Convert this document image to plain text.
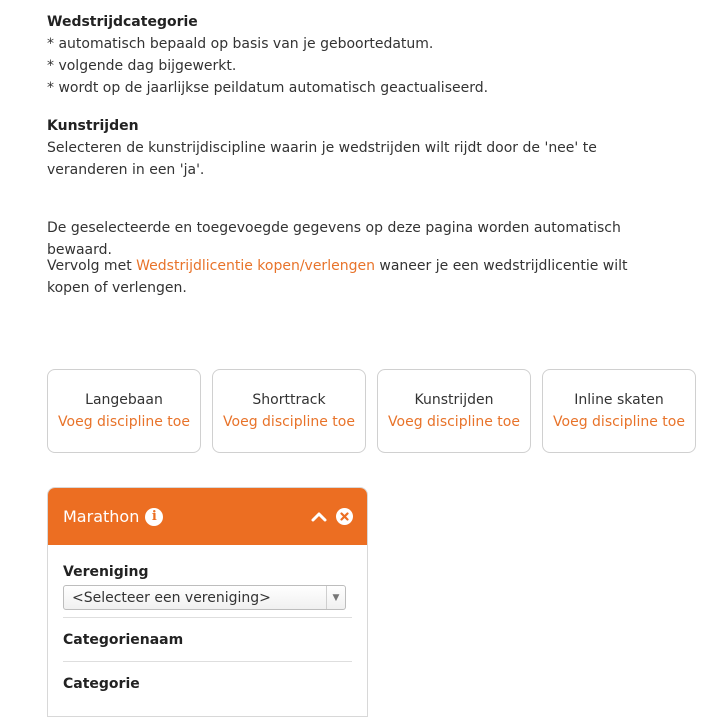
Wedstrijdcategorie
* automatisch bepaald op basis van je geboortedatum.
* volgende dag bijgewerkt.
* wordt op de jaarlijkse peildatum automatisch geactualiseerd.
Kunstrijden
Selecteren de kunstrijdiscipline waarin je wedstrijden wilt rijdt door de 'nee' te veranderen in een 'ja'.
De geselecteerde en toegevoegde gegevens op deze pagina worden automatisch bewaard.
Vervolg met Wedstrijdlicentie kopen/verlengen waneer je een wedstrijdlicentie wilt kopen of verlengen.
Langebaan
Voeg discipline toe
Shorttrack
Voeg discipline toe
Kunstrijden
Voeg discipline toe
Inline skaten
Voeg discipline toe
Marathon i
Vereniging
<Selecteer een vereniging>	▼
Categorienaam
Categorie
